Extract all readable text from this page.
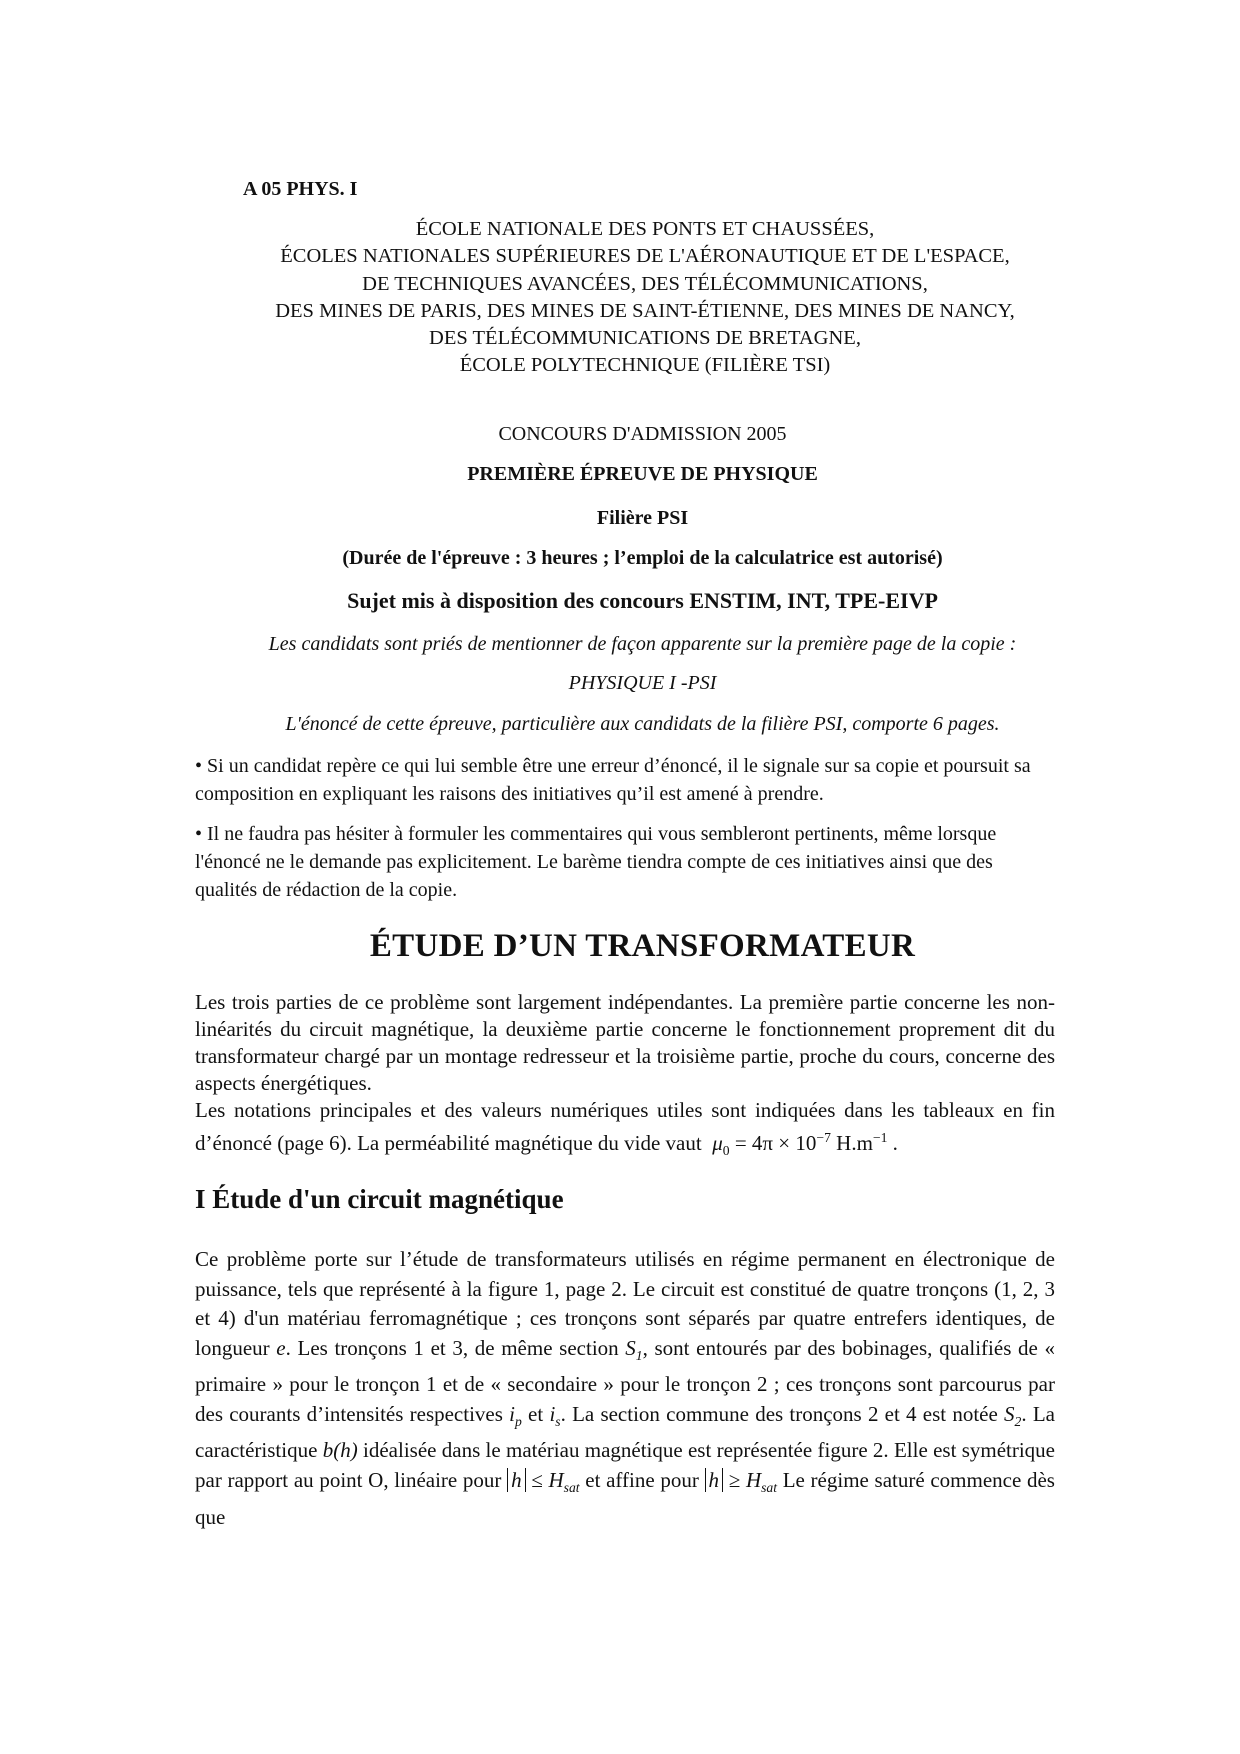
A 05 PHYS. I
ÉCOLE NATIONALE DES PONTS ET CHAUSSÉES,
ÉCOLES NATIONALES SUPÉRIEURES DE L'AÉRONAUTIQUE ET DE L'ESPACE,
DE TECHNIQUES AVANCÉES, DES TÉLÉCOMMUNICATIONS,
DES MINES DE PARIS, DES MINES DE SAINT-ÉTIENNE, DES MINES DE NANCY,
DES TÉLÉCOMMUNICATIONS DE BRETAGNE,
ÉCOLE POLYTECHNIQUE (FILIÈRE TSI)
CONCOURS D'ADMISSION 2005
PREMIÈRE ÉPREUVE DE PHYSIQUE
Filière PSI
(Durée de l'épreuve : 3 heures ; l’emploi de la calculatrice est autorisé)
Sujet mis à disposition des concours ENSTIM, INT, TPE-EIVP
Les candidats sont priés de mentionner de façon apparente sur la première page de la copie :
PHYSIQUE I -PSI
L'énoncé de cette épreuve, particulière aux candidats de la filière PSI, comporte 6 pages.
• Si un candidat repère ce qui lui semble être une erreur d’énoncé, il le signale sur sa copie et poursuit sa composition en expliquant les raisons des initiatives qu’il est amené à prendre.
• Il ne faudra pas hésiter à formuler les commentaires qui vous sembleront pertinents, même lorsque l'énoncé ne le demande pas explicitement. Le barème tiendra compte de ces initiatives ainsi que des qualités de rédaction de la copie.
ÉTUDE D’UN TRANSFORMATEUR
Les trois parties de ce problème sont largement indépendantes. La première partie concerne les non-linéarités du circuit magnétique, la deuxième partie concerne le fonctionnement proprement dit du transformateur chargé par un montage redresseur et la troisième partie, proche du cours, concerne des aspects énergétiques.
Les notations principales et des valeurs numériques utiles sont indiquées dans les tableaux en fin d’énoncé (page 6). La perméabilité magnétique du vide vaut $\mu_0 = 4\pi \times 10^{-7}$ $H.m^{-1}$ .
I Étude d'un circuit magnétique
Ce problème porte sur l’étude de transformateurs utilisés en régime permanent en électronique de puissance, tels que représenté à la figure 1, page 2. Le circuit est constitué de quatre tronçons (1, 2, 3 et 4) d'un matériau ferromagnétique ; ces tronçons sont séparés par quatre entrefers identiques, de longueur e. Les tronçons 1 et 3, de même section $S_1$, sont entourés par des bobinages, qualifiés de « primaire » pour le tronçon 1 et de « secondaire » pour le tronçon 2 ; ces tronçons sont parcourus par des courants d’intensités respectives $i_p$ et $i_s$. La section commune des tronçons 2 et 4 est notée $S_2$. La caractéristique b(h) idéalisée dans le matériau magnétique est représentée figure 2. Elle est symétrique par rapport au point O, linéaire pour $h \le H_{sat}$ et affine pour $h \ge H_{sat}$ Le régime saturé commence dès que
